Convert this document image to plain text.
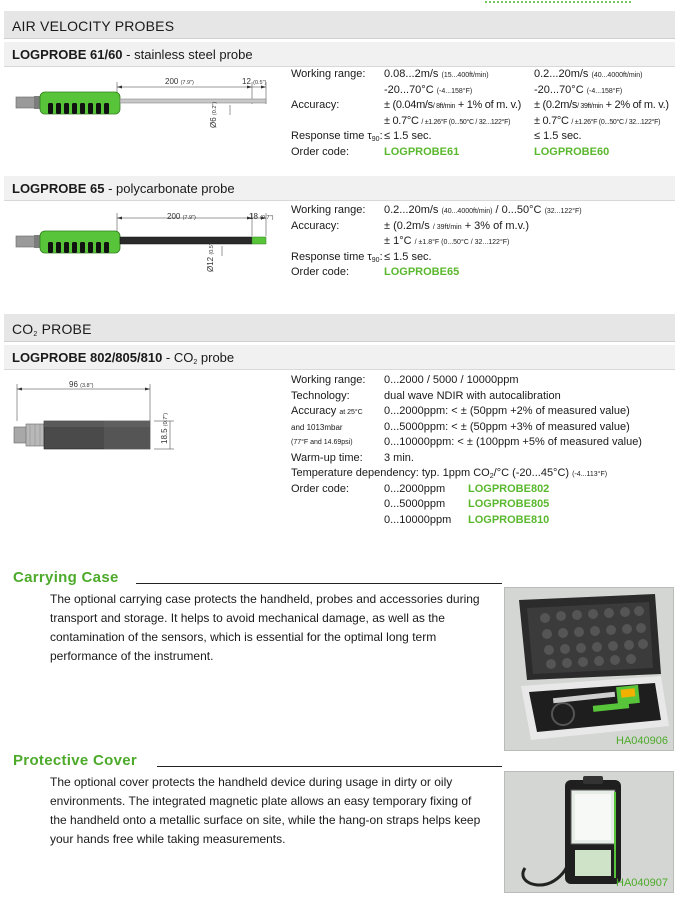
AIR VELOCITY PROBES
LOGPROBE 61/60 - stainless steel probe
200 (7.9")	12 (0.5")
Ø6 (0.2")
Working range: 0.08...2m/s (15...400ft/min)	0.2...20m/s (40...4000ft/min)
-20...70°C (-4...158°F)	-20...70°C (-4...158°F)
Accuracy:	± (0.04m/s/ 8ft/min + 1% of m. v.) ± (0.2m/s/ 39ft/min + 2% of m. v.)
± 0.7°C / ±1.26°F (0...50°C / 32...122°F) ± 0.7°C / ±1.26°F (0...50°C / 32...122°F)
Response time $\tau_{90}$: ≤ 1.5 sec.	≤ 1.5 sec.
Order code:	LOGPROBE61	LOGPROBE60
LOGPROBE 65 - polycarbonate probe
200 (7.9")	18 (0.7")
Ø12 (0.5")
Working range: 0.2...20m/s (40...4000ft/min) / 0...50°C (32...122°F)
Accuracy:	± (0.2m/s / 39ft/min + 3% of m.v.)
± 1°C / ±1.8°F (0...50°C / 32...122°F)
Response time $\tau_{90}$: ≤ 1.5 sec.
Order code:	LOGPROBE65
$CO_2$ PROBE
LOGPROBE $802/805/810 - CO_2$ probe
96 (3.8")
18.5 (0.7")
Working range: 0...2000 / 5000 / 10000ppm
Technology:	dual wave NDIR with autocalibration
Accuracy at 25°C 0...2000ppm: < ± (50ppm +2% of measured value)
and 1013mbar	0...5000ppm: < ± (50ppm +3% of measured value)
(77°F and 14.69psi)	0...10000ppm: < ± (100ppm +5% of measured value)
Warm-up time: 3 min.
Temperature dependency: typ. 1ppm $CO_2/^\circ C$ (-20...45°C) (-4...113°F)
Order code:	0...2000ppm LOGPROBE802
0...5000ppm LOGPROBE805
0...10000ppm LOGPROBE810
Carrying Case
The optional carrying case protects the handheld, probes and accessories during transport and storage. It helps to avoid mechanical damage, as well as the contamination of the sensors, which is essential for the optimal long term performance of the instrument.
HA040906
Protective Cover
The optional cover protects the handheld device during usage in dirty or oily environments. The integrated magnetic plate allows an easy temporary fixing of the handheld onto a metallic surface on site, while the hang-on straps helps keep your hands free while taking measurements.
HA040907
